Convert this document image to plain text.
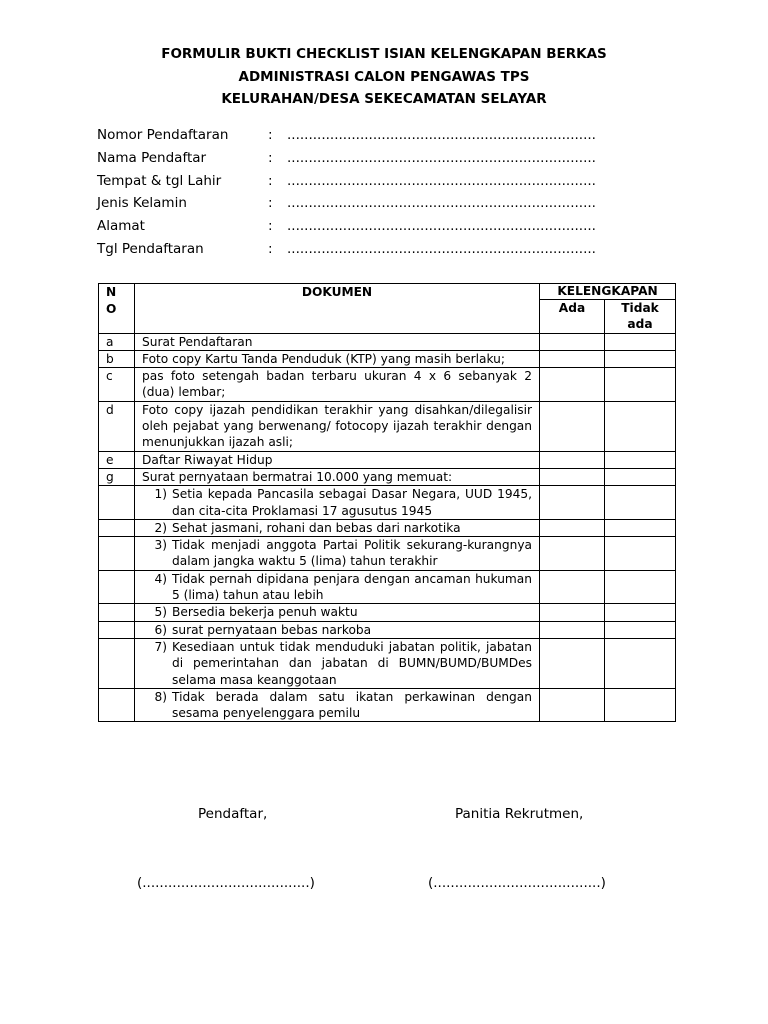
FORMULIR BUKTI CHECKLIST ISIAN KELENGKAPAN BERKAS
ADMINISTRASI CALON PENGAWAS TPS
KELURAHAN/DESA SEKECAMATAN SELAYAR
Nomor Pendaftaran	: ........................................................................
Nama Pendaftar	: ........................................................................
Tempat & tgl Lahir	: ........................................................................
Jenis Kelamin	: ........................................................................
Alamat	: ........................................................................
Tgl Pendaftaran	: ........................................................................
N
O	DOKUMEN	KELENGKAPAN	
		Ada	Tidak
ada

a	Surat Pendaftaran		
b	Foto copy Kartu Tanda Penduduk (KTP) yang masih berlaku;		
c	pas foto setengah badan terbaru ukuran 4 x 6 sebanyak 2 (dua) lembar;		
d	Foto copy ijazah pendidikan terakhir yang disahkan/dilegalisir oleh pejabat yang berwenang/ fotocopy ijazah terakhir dengan menunjukkan ijazah asli;		
e	Daftar Riwayat Hidup		
g	Surat pernyataan bermatrai 10.000 yang memuat:		

	1) Setia kepada Pancasila sebagai Dasar Negara, UUD 1945, dan cita-cita Proklamasi 17 agusutus 1945		

	2) Sehat jasmani, rohani dan bebas dari narkotika		

	3) Tidak menjadi anggota Partai Politik sekurang-kurangnya dalam jangka waktu 5 (lima) tahun terakhir		

	4) Tidak pernah dipidana penjara dengan ancaman hukuman 5 (lima) tahun atau lebih		

	5) Bersedia bekerja penuh waktu		

	6) surat pernyataan bebas narkoba		

	7) Kesediaan untuk tidak menduduki jabatan politik, jabatan di pemerintahan dan jabatan di BUMN/BUMD/BUMDes selama masa keanggotaan		

	8) Tidak berada dalam satu ikatan perkawinan dengan sesama penyelenggara pemilu		

Pendaftar,	Panitia Rekrutmen,
(.......................................)	(.......................................)
